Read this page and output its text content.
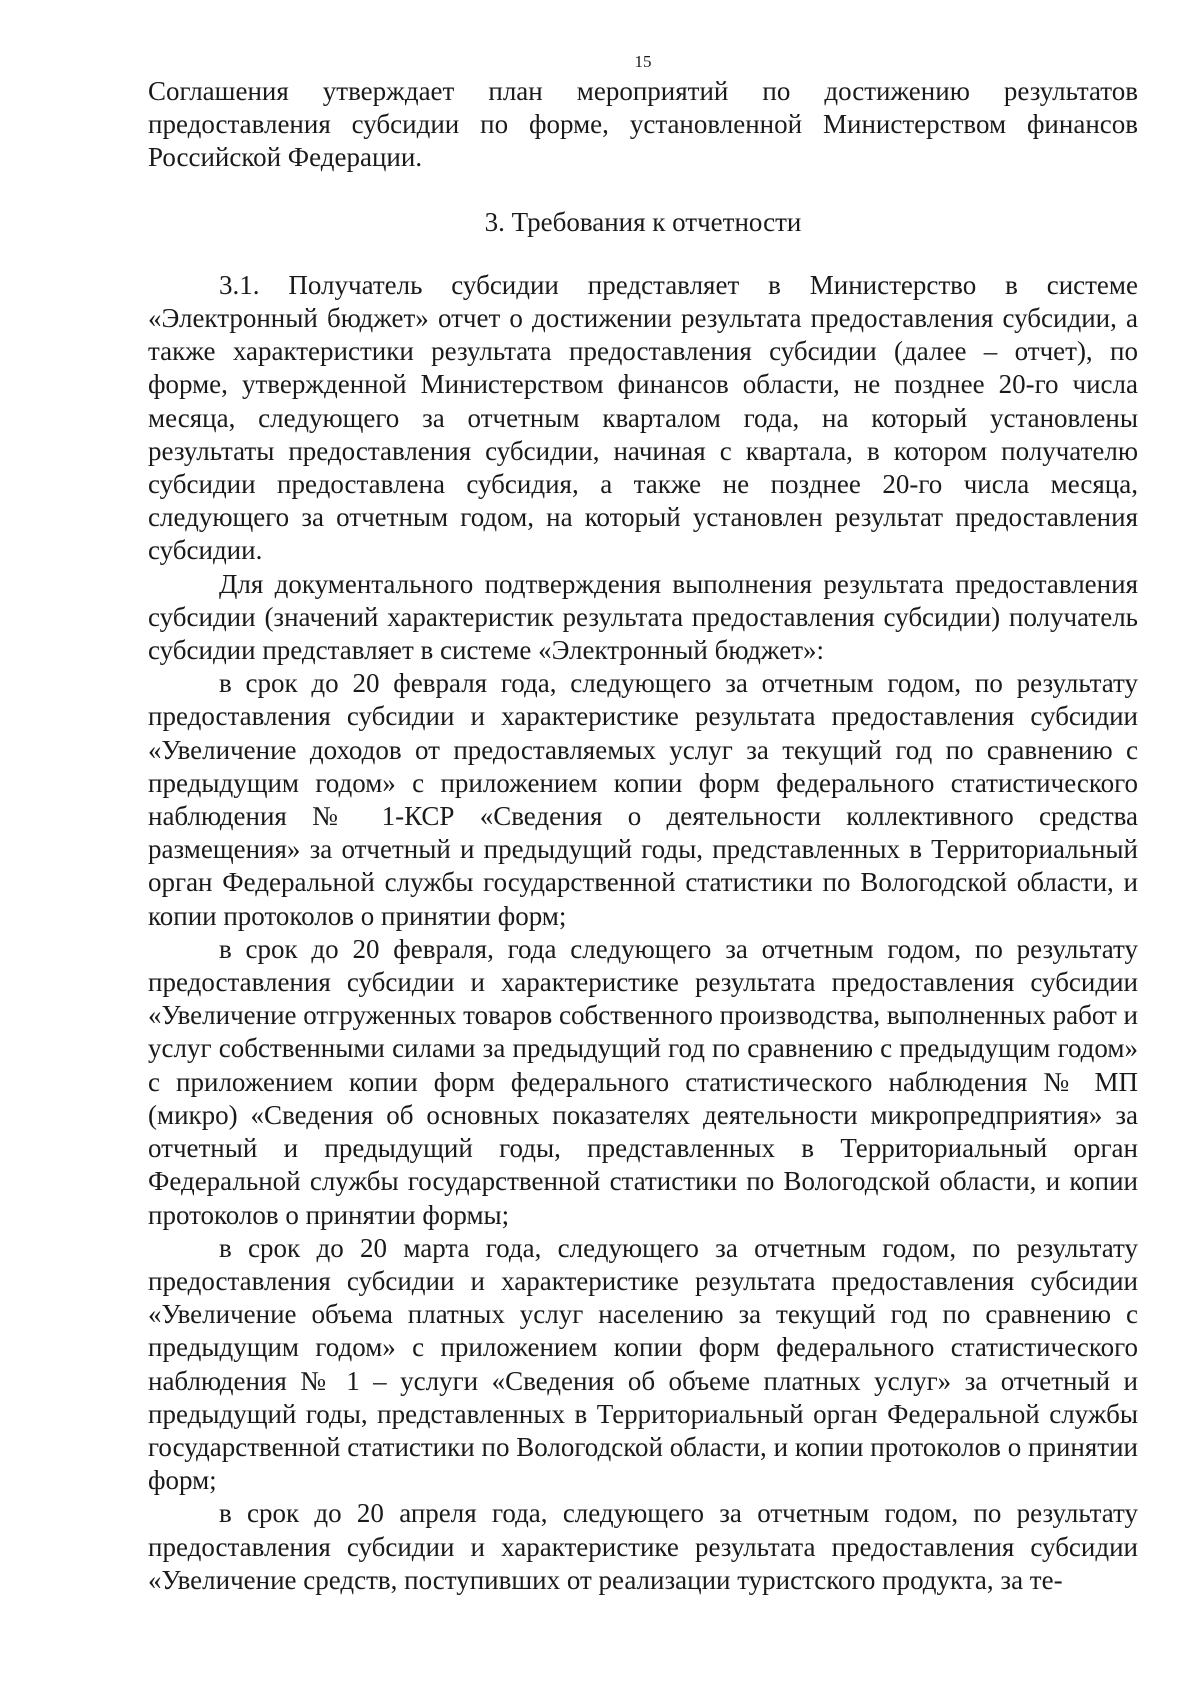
15

Соглашения утверждает план мероприятий по достижению результатов предоставления субсидии по форме, установленной Министерством финансов Российской Федерации.

3. Требования к отчетности

3.1. Получатель субсидии представляет в Министерство в системе «Электронный бюджет» отчет о достижении результата предоставления субсидии, а также характеристики результата предоставления субсидии (далее – отчет), по форме, утвержденной Министерством финансов области, не позднее 20-го числа месяца, следующего за отчетным кварталом года, на который установлены результаты предоставления субсидии, начиная с квартала, в котором получателю субсидии предоставлена субсидия, а также не позднее 20-го числа месяца, следующего за отчетным годом, на который установлен результат предоставления субсидии.

Для документального подтверждения выполнения результата предоставления субсидии (значений характеристик результата предоставления субсидии) получатель субсидии представляет в системе «Электронный бюджет»:

в срок до 20 февраля года, следующего за отчетным годом, по результату предоставления субсидии и характеристике результата предоставления субсидии «Увеличение доходов от предоставляемых услуг за текущий год по сравнению с предыдущим годом» с приложением копии форм федерального статистического наблюдения № 1-КСР «Сведения о деятельности коллективного средства размещения» за отчетный и предыдущий годы, представленных в Территориальный орган Федеральной службы государственной статистики по Вологодской области, и копии протоколов о принятии форм;

в срок до 20 февраля, года следующего за отчетным годом, по результату предоставления субсидии и характеристике результата предоставления субсидии «Увеличение отгруженных товаров собственного производства, выполненных работ и услуг собственными силами за предыдущий год по сравнению с предыдущим годом» с приложением копии форм федерального статистического наблюдения № МП (микро) «Сведения об основных показателях деятельности микропредприятия» за отчетный и предыдущий годы, представленных в Территориальный орган Федеральной службы государственной статистики по Вологодской области, и копии протоколов о принятии формы;

в срок до 20 марта года, следующего за отчетным годом, по результату предоставления субсидии и характеристике результата предоставления субсидии «Увеличение объема платных услуг населению за текущий год по сравнению с предыдущим годом» с приложением копии форм федерального статистического наблюдения № 1 – услуги «Сведения об объеме платных услуг» за отчетный и предыдущий годы, представленных в Территориальный орган Федеральной службы государственной статистики по Вологодской области, и копии протоколов о принятии форм;

в срок до 20 апреля года, следующего за отчетным годом, по результату предоставления субсидии и характеристике результата предоставления субсидии «Увеличение средств, поступивших от реализации туристского продукта, за те-
